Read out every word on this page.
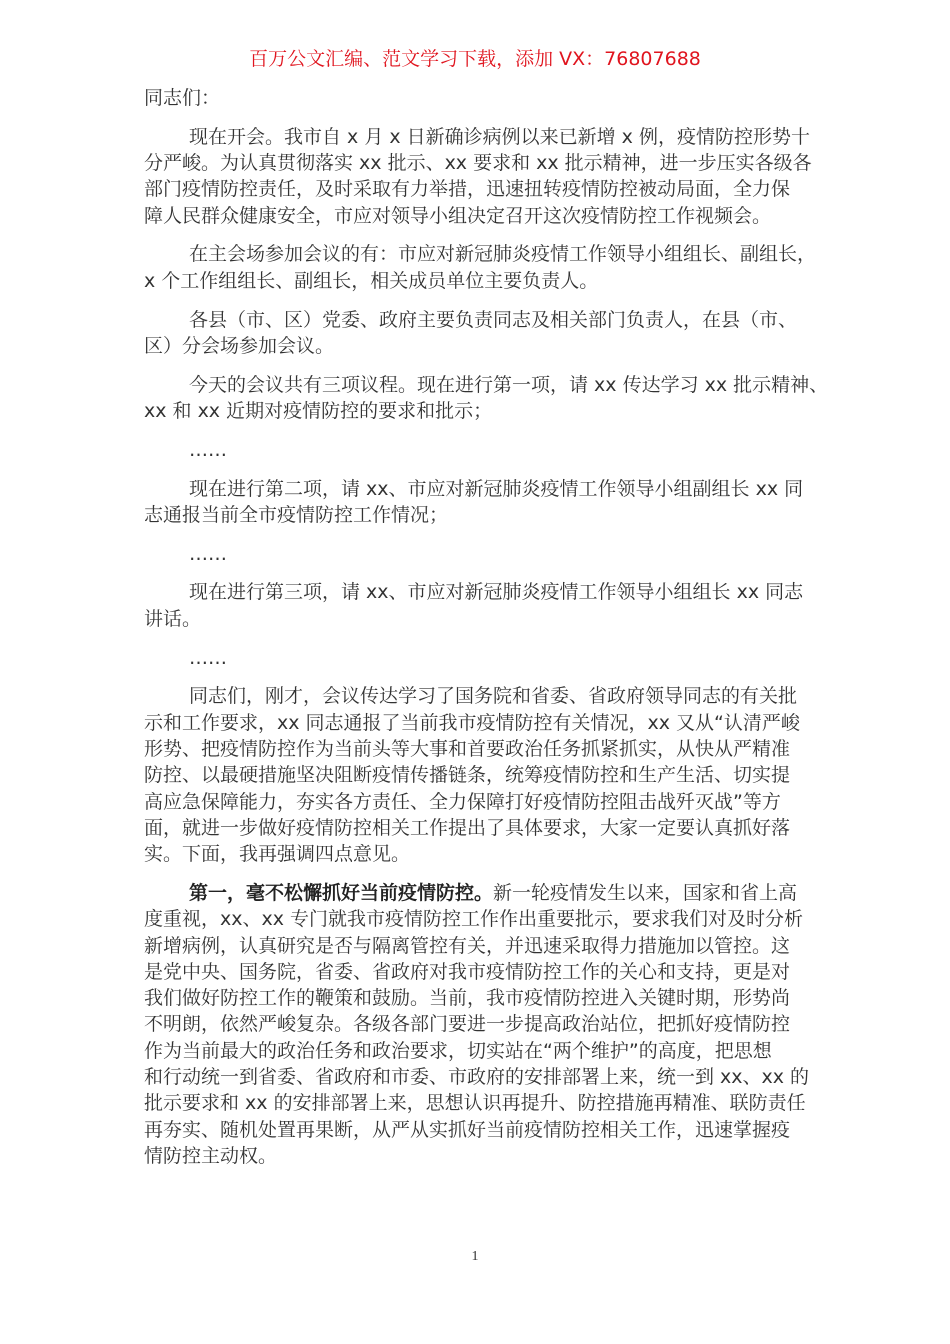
百万公文汇编、范文学习下载，添加 VX：76807688
同志们：
现在开会。我市自 x 月 x 日新确诊病例以来已新增 x 例，疫情防控形势十
分严峻。为认真贯彻落实 xx 批示、xx 要求和 xx 批示精神，进一步压实各级各
部门疫情防控责任，及时采取有力举措，迅速扭转疫情防控被动局面，全力保
障人民群众健康安全，市应对领导小组决定召开这次疫情防控工作视频会。
在主会场参加会议的有：市应对新冠肺炎疫情工作领导小组组长、副组长，
x 个工作组组长、副组长，相关成员单位主要负责人。
各县（市、区）党委、政府主要负责同志及相关部门负责人，在县（市、
区）分会场参加会议。
今天的会议共有三项议程。现在进行第一项，请 xx 传达学习 xx 批示精神、
xx 和 xx 近期对疫情防控的要求和批示；
……
现在进行第二项，请 xx、市应对新冠肺炎疫情工作领导小组副组长 xx 同
志通报当前全市疫情防控工作情况；
……
现在进行第三项，请 xx、市应对新冠肺炎疫情工作领导小组组长 xx 同志
讲话。
……
同志们，刚才，会议传达学习了国务院和省委、省政府领导同志的有关批
示和工作要求，xx 同志通报了当前我市疫情防控有关情况，xx 又从“认清严峻
形势、把疫情防控作为当前头等大事和首要政治任务抓紧抓实，从快从严精准
防控、以最硬措施坚决阻断疫情传播链条，统筹疫情防控和生产生活、切实提
高应急保障能力，夯实各方责任、全力保障打好疫情防控阻击战歼灭战”等方
面，就进一步做好疫情防控相关工作提出了具体要求，大家一定要认真抓好落
实。下面，我再强调四点意见。
第一，毫不松懈抓好当前疫情防控。新一轮疫情发生以来，国家和省上高
度重视，xx、xx 专门就我市疫情防控工作作出重要批示，要求我们对及时分析
新增病例，认真研究是否与隔离管控有关，并迅速采取得力措施加以管控。这
是党中央、国务院，省委、省政府对我市疫情防控工作的关心和支持，更是对
我们做好防控工作的鞭策和鼓励。当前，我市疫情防控进入关键时期，形势尚
不明朗，依然严峻复杂。各级各部门要进一步提高政治站位，把抓好疫情防控
作为当前最大的政治任务和政治要求，切实站在“两个维护”的高度，把思想
和行动统一到省委、省政府和市委、市政府的安排部署上来，统一到 xx、xx 的
批示要求和 xx 的安排部署上来，思想认识再提升、防控措施再精准、联防责任
再夯实、随机处置再果断，从严从实抓好当前疫情防控相关工作，迅速掌握疫
情防控主动权。
1
